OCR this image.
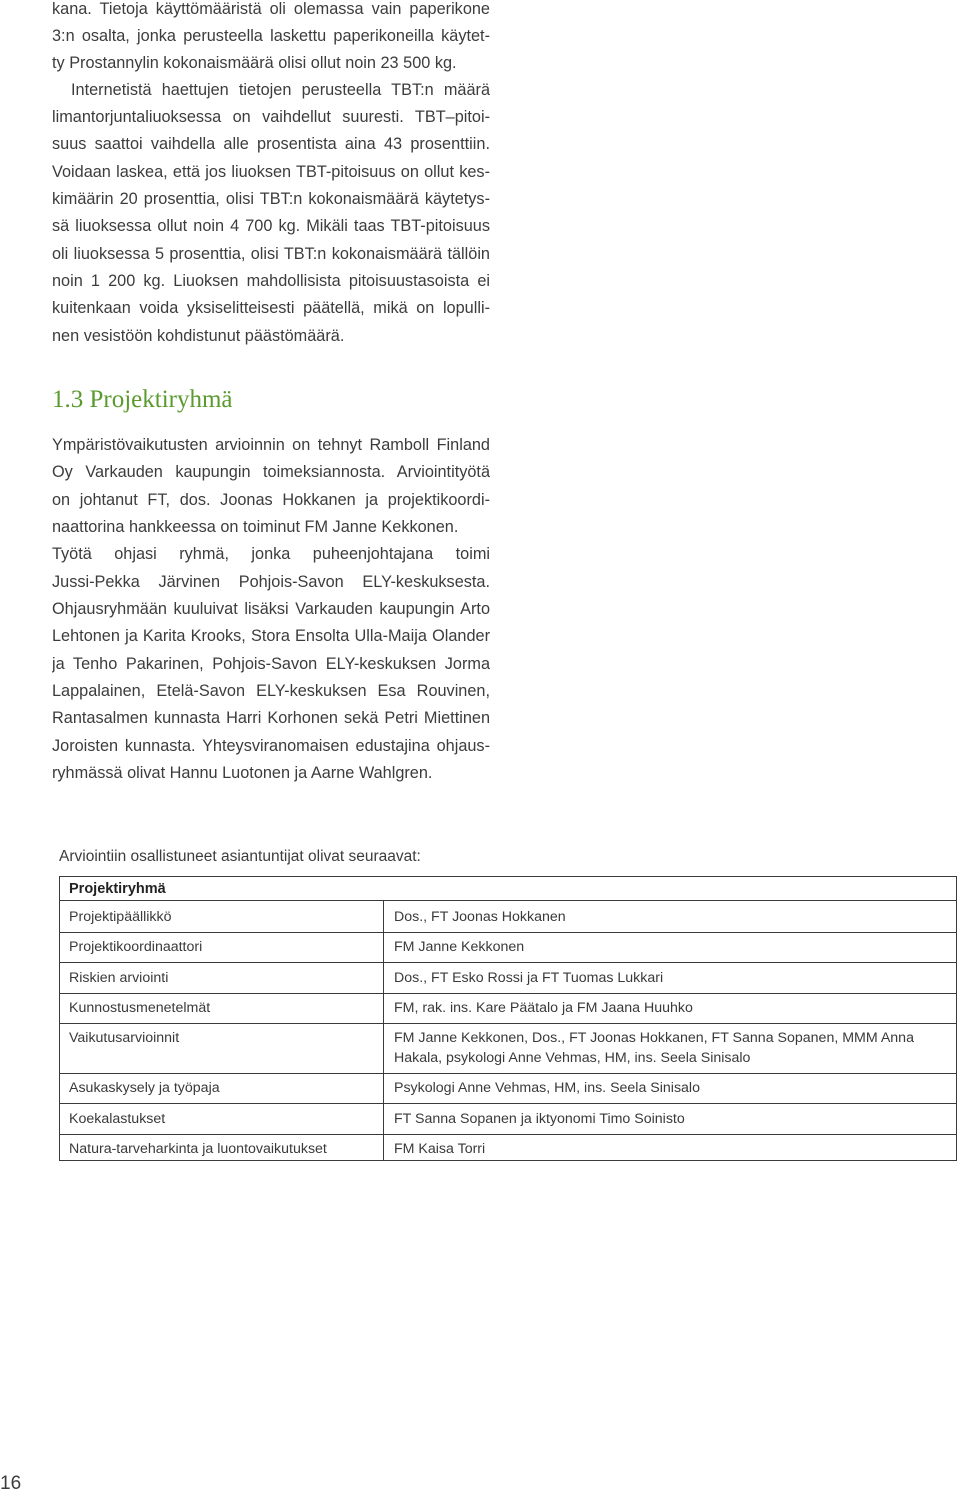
kana. Tietoja käyttömääristä oli olemassa vain paperikone
3:n osalta, jonka perusteella laskettu paperikoneilla käytet-
ty Prostannylin kokonaismäärä olisi ollut noin 23 500 kg.
Internetistä haettujen tietojen perusteella TBT:n määrä
limantorjuntaliuoksessa on vaihdellut suuresti. TBT–pitoi-
suus saattoi vaihdella alle prosentista aina 43 prosenttiin.
Voidaan laskea, että jos liuoksen TBT-pitoisuus on ollut kes-
kimäärin 20 prosenttia, olisi TBT:n kokonaismäärä käytetys-
sä liuoksessa ollut noin 4 700 kg. Mikäli taas TBT-pitoisuus
oli liuoksessa 5 prosenttia, olisi TBT:n kokonaismäärä tällöin
noin 1 200 kg. Liuoksen mahdollisista pitoisuustasoista ei
kuitenkaan voida yksiselitteisesti päätellä, mikä on lopulli-
nen vesistöön kohdistunut päästömäärä.
1.3 Projektiryhmä
Ympäristövaikutusten arvioinnin on tehnyt Ramboll Finland
Oy Varkauden kaupungin toimeksiannosta. Arviointityötä
on johtanut FT, dos. Joonas Hokkanen ja projektikoordi-
naattorina hankkeessa on toiminut FM Janne Kekkonen.
Työtä ohjasi ryhmä, jonka puheenjohtajana toimi
Jussi-Pekka Järvinen Pohjois-Savon ELY-keskuksesta.
Ohjausryhmään kuuluivat lisäksi Varkauden kaupungin Arto
Lehtonen ja Karita Krooks, Stora Ensolta Ulla-Maija Olander
ja Tenho Pakarinen, Pohjois-Savon ELY-keskuksen Jorma
Lappalainen, Etelä-Savon ELY-keskuksen Esa Rouvinen,
Rantasalmen kunnasta Harri Korhonen sekä Petri Miettinen
Joroisten kunnasta. Yhteysviranomaisen edustajina ohjaus-
ryhmässä olivat Hannu Luotonen ja Aarne Wahlgren.
Arviointiin osallistuneet asiantuntijat olivat seuraavat:
Projektiryhmä
Projektipäällikkö	Dos., FT Joonas Hokkanen
Projektikoordinaattori	FM Janne Kekkonen
Riskien arviointi	Dos., FT Esko Rossi ja FT Tuomas Lukkari
Kunnostusmenetelmät	FM, rak. ins. Kare Päätalo ja FM Jaana Huuhko
Vaikutusarvioinnit	FM Janne Kekkonen, Dos., FT Joonas Hokkanen, FT Sanna Sopanen, MMM Anna
Hakala, psykologi Anne Vehmas, HM, ins. Seela Sinisalo
Asukaskysely ja työpaja	Psykologi Anne Vehmas, HM, ins. Seela Sinisalo
Koekalastukset	FT Sanna Sopanen ja iktyonomi Timo Soinisto
Natura-tarveharkinta ja luontovaikutukset	FM Kaisa Torri
16
